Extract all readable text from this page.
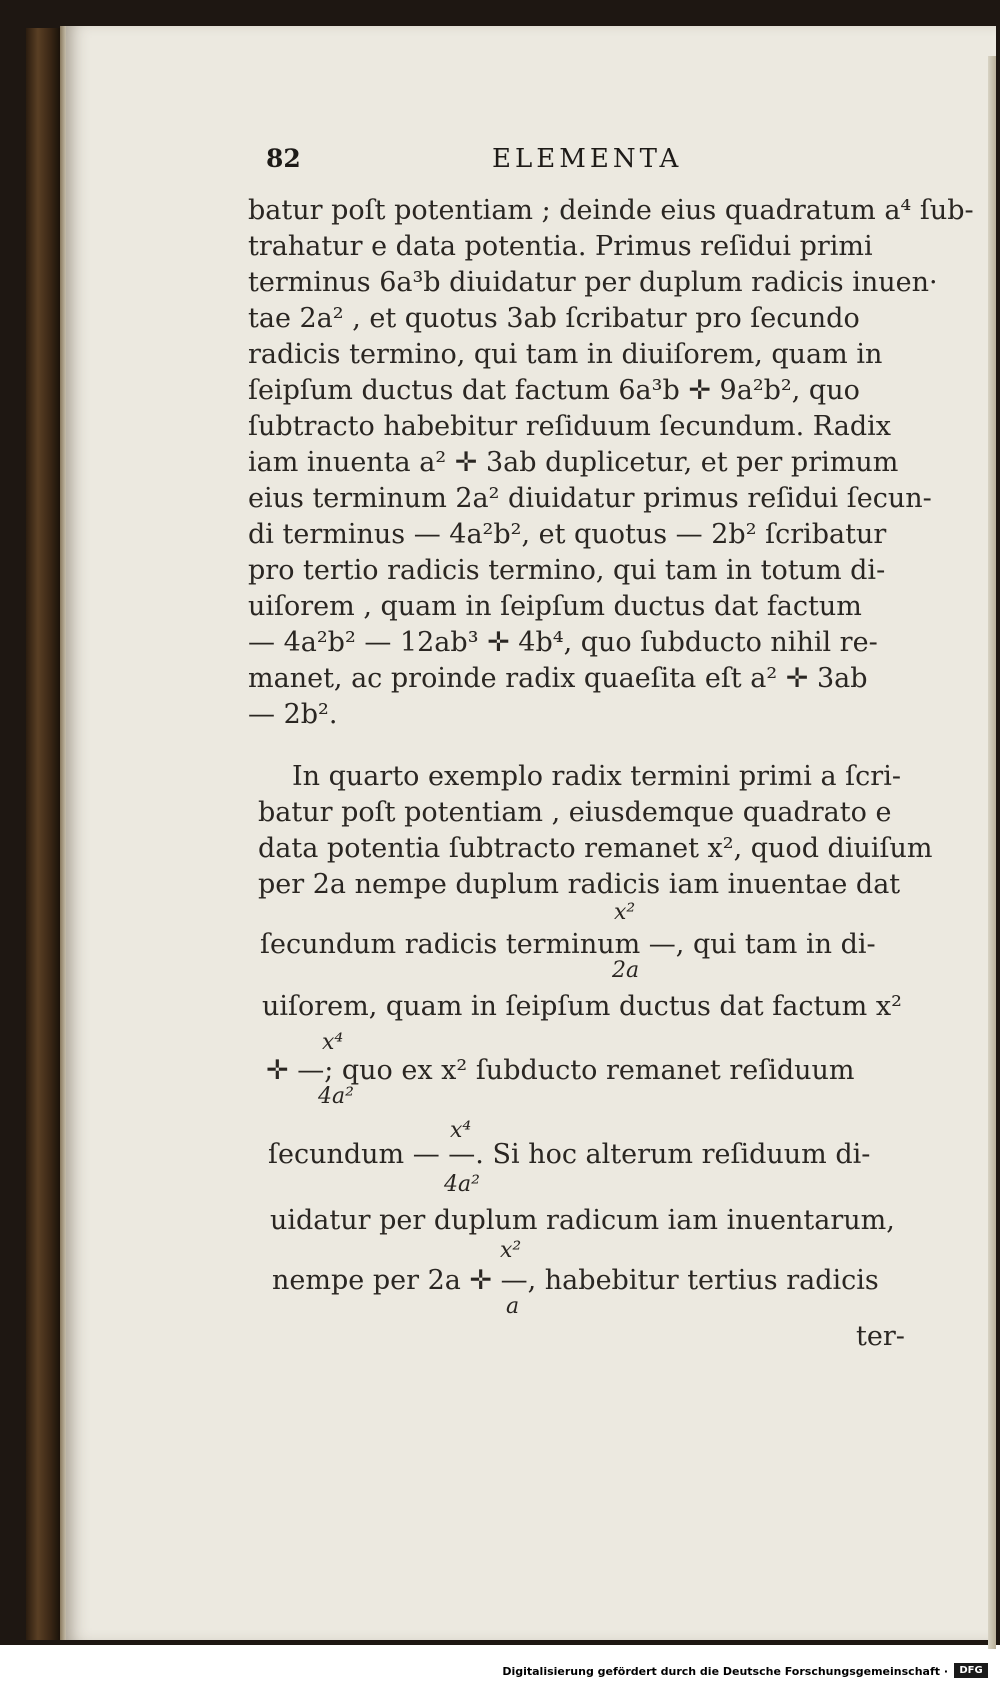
82	ELEMENTA
batur poſt potentiam ; deinde eius quadratum a⁴ ſub-
trahatur e data potentia. Primus reſidui primi
terminus 6a³b diuidatur per duplum radicis inuen·
tae 2a² , et quotus 3ab ſcribatur pro ſecundo
radicis termino, qui tam in diuiſorem, quam in
ſeipſum ductus dat factum 6a³b ✛ 9a²b², quo
ſubtracto habebitur reſiduum ſecundum. Radix
iam inuenta a² ✛ 3ab duplicetur, et per primum
eius terminum 2a² diuidatur primus reſidui ſecun-
di terminus — 4a²b², et quotus — 2b² ſcribatur
pro tertio radicis termino, qui tam in totum di-
uiſorem , quam in ſeipſum ductus dat factum
— 4a²b² — 12ab³ ✛ 4b⁴, quo ſubducto nihil re-
manet, ac proinde radix quaeſita eſt a² ✛ 3ab
— 2b².
In quarto exemplo radix termini primi a ſcri-
batur poſt potentiam , eiusdemque quadrato e
data potentia ſubtracto remanet x², quod diuiſum
per 2a nempe duplum radicis iam inuentae dat
x²
ſecundum radicis terminum —, qui tam in di-
2a
uiſorem, quam in ſeipſum ductus dat factum x²
x⁴
✛ —; quo ex x² ſubducto remanet reſiduum
4a²
x⁴
ſecundum — —. Si hoc alterum reſiduum di-
4a²
uidatur per duplum radicum iam inuentarum,
x²
nempe per 2a ✛ —, habebitur tertius radicis
a
ter-
Digitalisierung gefördert durch die Deutsche Forschungsgemeinschaft ·	DFG
